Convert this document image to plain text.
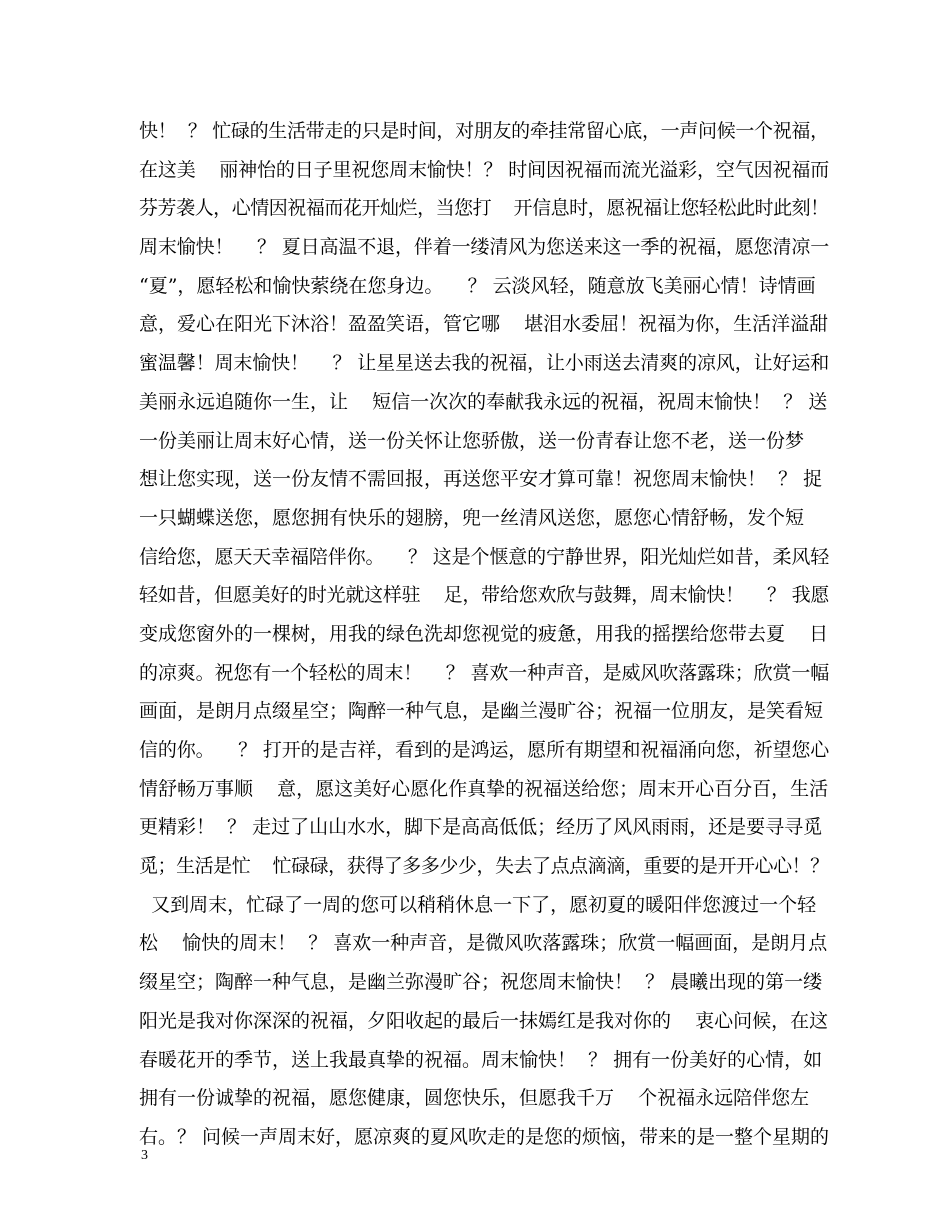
快！  ？ 忙碌的生活带走的只是时间，对朋友的牵挂常留心底，一声问候一个祝福，
在这美    丽神怡的日子里祝您周末愉快！？ 时间因祝福而流光溢彩，空气因祝福而
芬芳袭人，心情因祝福而花开灿烂，当您打    开信息时，愿祝福让您轻松此时此刻！
周末愉快！    ？ 夏日高温不退，伴着一缕清风为您送来这一季的祝福，愿您清凉一
“夏”，愿轻松和愉快萦绕在您身边。    ？ 云淡风轻，随意放飞美丽心情！诗情画
意，爱心在阳光下沐浴！盈盈笑语，管它哪    堪泪水委屈！祝福为你，生活洋溢甜
蜜温馨！周末愉快！    ？ 让星星送去我的祝福，让小雨送去清爽的凉风，让好运和
美丽永远追随你一生，让    短信一次次的奉献我永远的祝福，祝周末愉快！  ？ 送
一份美丽让周末好心情，送一份关怀让您骄傲，送一份青春让您不老，送一份梦
想让您实现，送一份友情不需回报，再送您平安才算可靠！祝您周末愉快！  ？ 捉
一只蝴蝶送您，愿您拥有快乐的翅膀，兜一丝清风送您，愿您心情舒畅，发个短
信给您，愿天天幸福陪伴你。    ？ 这是个惬意的宁静世界，阳光灿烂如昔，柔风轻
轻如昔，但愿美好的时光就这样驻    足，带给您欢欣与鼓舞，周末愉快！    ？ 我愿
变成您窗外的一棵树，用我的绿色洗却您视觉的疲惫，用我的摇摆给您带去夏    日
的凉爽。祝您有一个轻松的周末！    ？ 喜欢一种声音，是威风吹落露珠；欣赏一幅
画面，是朗月点缀星空；陶醉一种气息，是幽兰漫旷谷；祝福一位朋友，是笑看短
信的你。    ？ 打开的是吉祥，看到的是鸿运，愿所有期望和祝福涌向您，祈望您心
情舒畅万事顺    意，愿这美好心愿化作真挚的祝福送给您；周末开心百分百，生活
更精彩！  ？ 走过了山山水水，脚下是高高低低；经历了风风雨雨，还是要寻寻觅
觅；生活是忙    忙碌碌，获得了多多少少，失去了点点滴滴，重要的是开开心心！？
又到周末，忙碌了一周的您可以稍稍休息一下了，愿初夏的暖阳伴您渡过一个轻
松    愉快的周末！  ？ 喜欢一种声音，是微风吹落露珠；欣赏一幅画面，是朗月点
缀星空；陶醉一种气息，是幽兰弥漫旷谷；祝您周末愉快！  ？ 晨曦出现的第一缕
阳光是我对你深深的祝福，夕阳收起的最后一抹嫣红是我对你的    衷心问候，在这
春暖花开的季节，送上我最真挚的祝福。周末愉快！  ？ 拥有一份美好的心情，如
拥有一份诚挚的祝福，愿您健康，圆您快乐，但愿我千万    个祝福永远陪伴您左
右。？ 问候一声周末好，愿凉爽的夏风吹走的是您的烦恼，带来的是一整个星期的
3
